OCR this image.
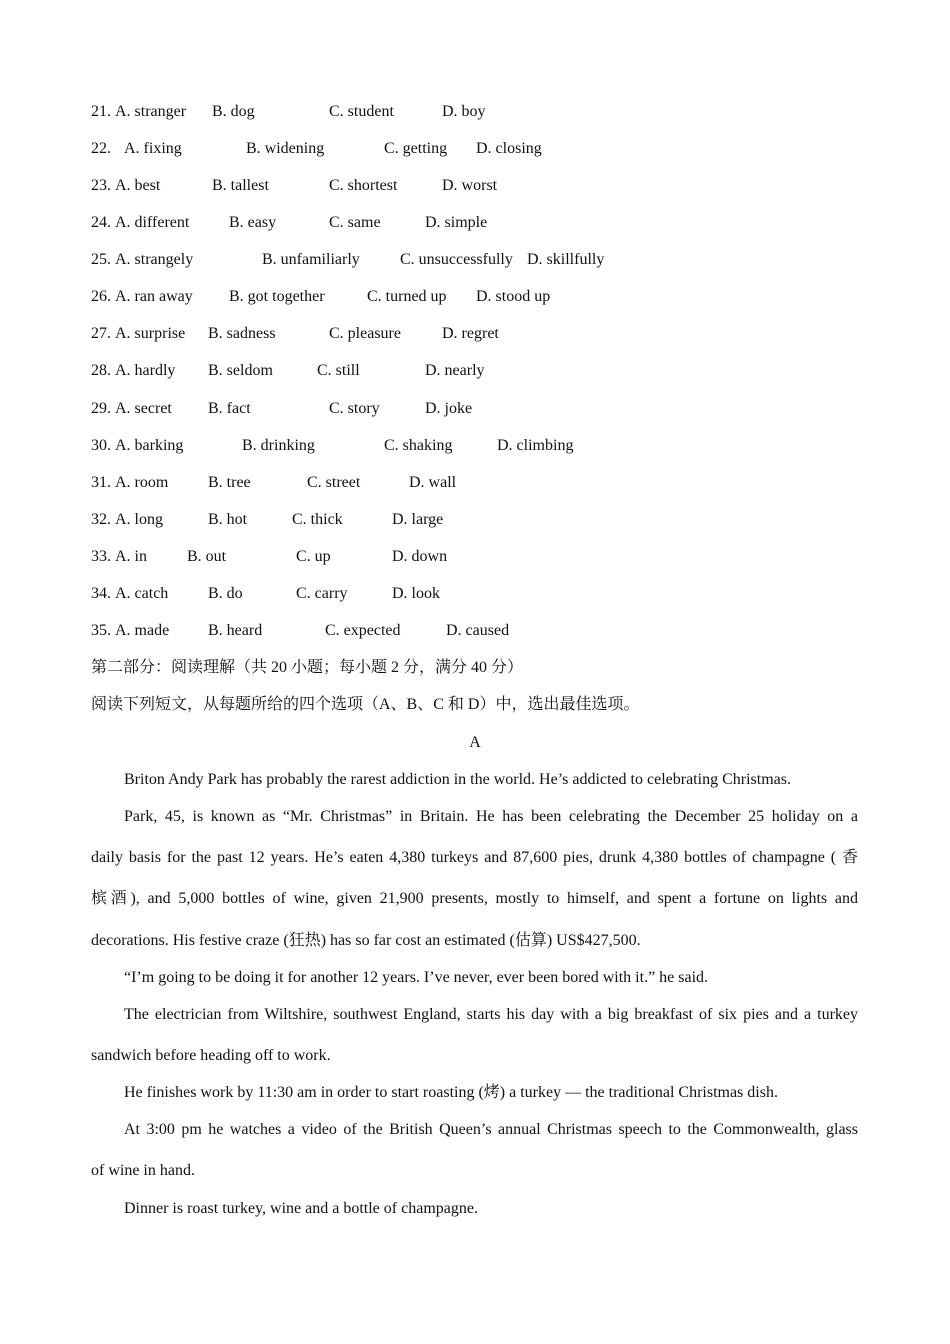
21. A. stranger B. dog	C. student	D. boy
22. A. fixing	B. widening	C. getting D. closing
23. A. best	B. tallest	C. shortest	D. worst
24. A. different B. easy	C. same	D. simple
25. A. strangely	B. unfamiliarly	C. unsuccessfully D. skillfully
26. A. ran away B. got together	C. turned up D. stood up
27. A. surprise B. sadness	C. pleasure	D. regret
28. A. hardly B. seldom	C. still	D. nearly
29. A. secret B. fact	C. story	D. joke
30. A. barking	B. drinking	C. shaking	D. climbing
31. A. room B. tree	C. street	D. wall
32. A. long	B. hot	C. thick	D. large
33. A. in	B. out	C. up	D. down
34. A. catch B. do	C. carry	D. look
35. A. made B. heard	C. expected	D. caused
第二部分：阅读理解（共 20 小题；每小题 2 分，满分 40 分）
阅读下列短文，从每题所给的四个选项（A、B、C 和 D）中，选出最佳选项。
A
Briton Andy Park has probably the rarest addiction in the world. He’s addicted to celebrating Christmas.
Park, 45, is known as “Mr. Christmas” in Britain. He has been celebrating the December 25 holiday on a
daily basis for the past 12 years. He’s eaten 4,380 turkeys and 87,600 pies, drunk 4,380 bottles of champagne ( 香
槟酒), and 5,000 bottles of wine, given 21,900 presents, mostly to himself, and spent a fortune on lights and
decorations. His festive craze (狂热) has so far cost an estimated (估算) US$427,500.
“I’m going to be doing it for another 12 years. I’ve never, ever been bored with it.” he said.
The electrician from Wiltshire, southwest England, starts his day with a big breakfast of six pies and a turkey
sandwich before heading off to work.
He finishes work by 11:30 am in order to start roasting (烤) a turkey — the traditional Christmas dish.
At 3:00 pm he watches a video of the British Queen’s annual Christmas speech to the Commonwealth, glass
of wine in hand.
Dinner is roast turkey, wine and a bottle of champagne.
